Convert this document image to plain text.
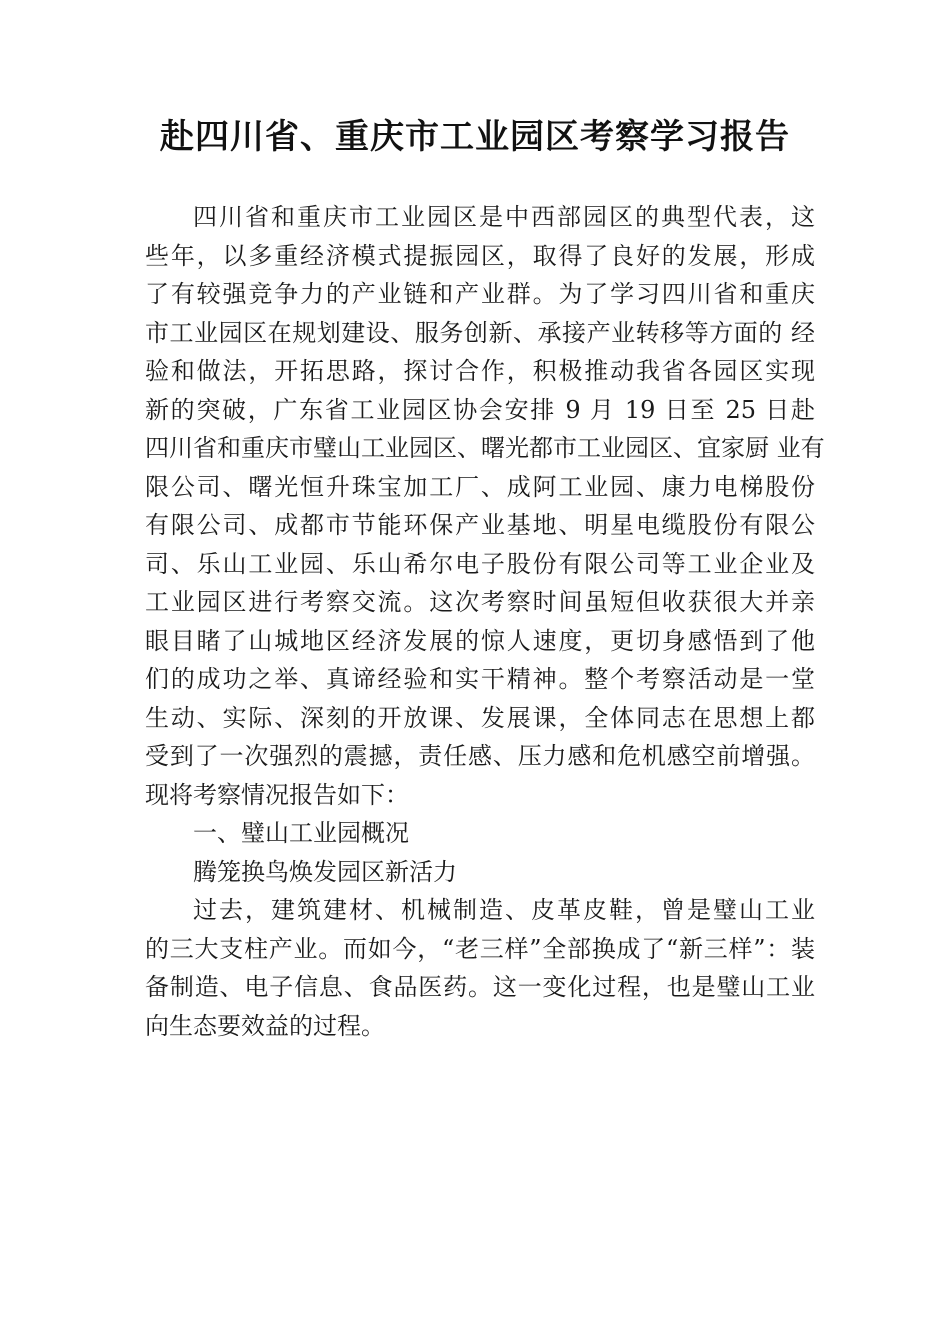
赴四川省、重庆市工业园区考察学习报告
四川省和重庆市工业园区是中西部园区的典型代表，这
些年，以多重经济模式提振园区，取得了良好的发展，形成
了有较强竞争力的产业链和产业群。为了学习四川省和重庆
市工业园区在规划建设、服务创新、承接产业转移等方面的 经
验和做法，开拓思路，探讨合作，积极推动我省各园区实现
新的突破，广东省工业园区协会安排 9 月 19 日至 25 日赴
四川省和重庆市璧山工业园区、曙光都市工业园区、宜家厨 业有
限公司、曙光恒升珠宝加工厂、成阿工业园、康力电梯股份
有限公司、成都市节能环保产业基地、明星电缆股份有限公
司、乐山工业园、乐山希尔电子股份有限公司等工业企业及
工业园区进行考察交流。这次考察时间虽短但收获很大并亲
眼目睹了山城地区经济发展的惊人速度，更切身感悟到了他
们的成功之举、真谛经验和实干精神。整个考察活动是一堂
生动、实际、深刻的开放课、发展课，全体同志在思想上都
受到了一次强烈的震撼，责任感、压力感和危机感空前增强。
现将考察情况报告如下：
一、璧山工业园概况
腾笼换鸟焕发园区新活力
过去，建筑建材、机械制造、皮革皮鞋，曾是璧山工业
的三大支柱产业。而如今，“老三样”全部换成了“新三样”：装
备制造、电子信息、食品医药。这一变化过程，也是璧山工业
向生态要效益的过程。
